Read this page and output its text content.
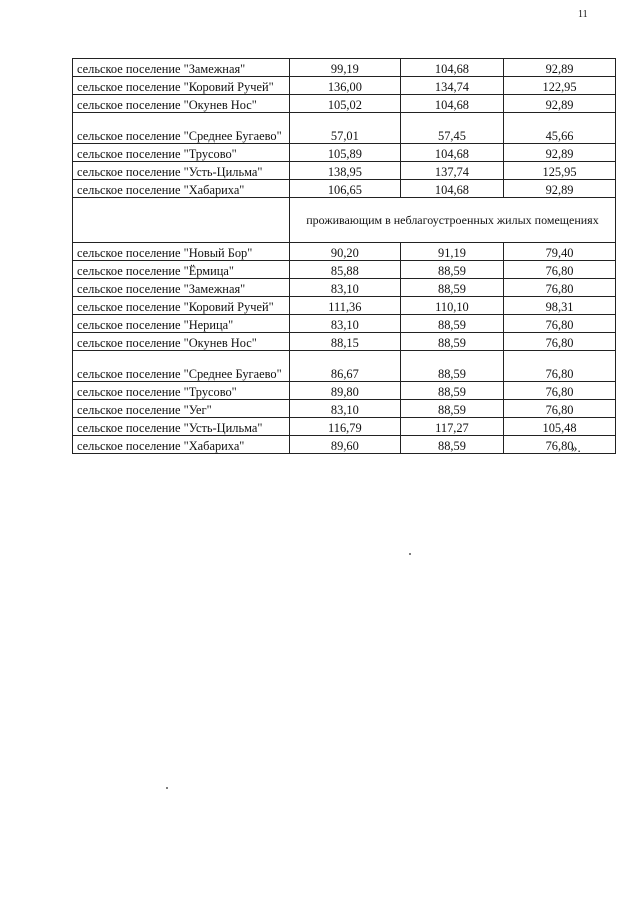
11
сельское поселение "Замежная"	99,19	104,68	92,89
сельское поселение "Коровий Ручей"	136,00	134,74	122,95
сельское поселение "Окунев Нос"	105,02	104,68	92,89
сельское поселение "Среднее Бугаево"	57,01	57,45	45,66
сельское поселение "Трусово"	105,89	104,68	92,89
сельское поселение "Усть-Цильма"	138,95	137,74	125,95
сельское поселение "Хабариха"	106,65	104,68	92,89
	проживающим в неблагоустроенных жилых помещениях		
сельское поселение "Новый Бор"	90,20	91,19	79,40
сельское поселение "Ёрмица"	85,88	88,59	76,80
сельское поселение "Замежная"	83,10	88,59	76,80
сельское поселение "Коровий Ручей"	111,36	110,10	98,31
сельское поселение "Нерица"	83,10	88,59	76,80
сельское поселение "Окунев Нос"	88,15	88,59	76,80
сельское поселение "Среднее Бугаево"	86,67	88,59	76,80
сельское поселение "Трусово"	89,80	88,59	76,80
сельское поселение "Уег"	83,10	88,59	76,80
сельское поселение "Усть-Цильма"	116,79	117,27	105,48
сельское поселение "Хабариха"	89,60	88,59	76,80
».
